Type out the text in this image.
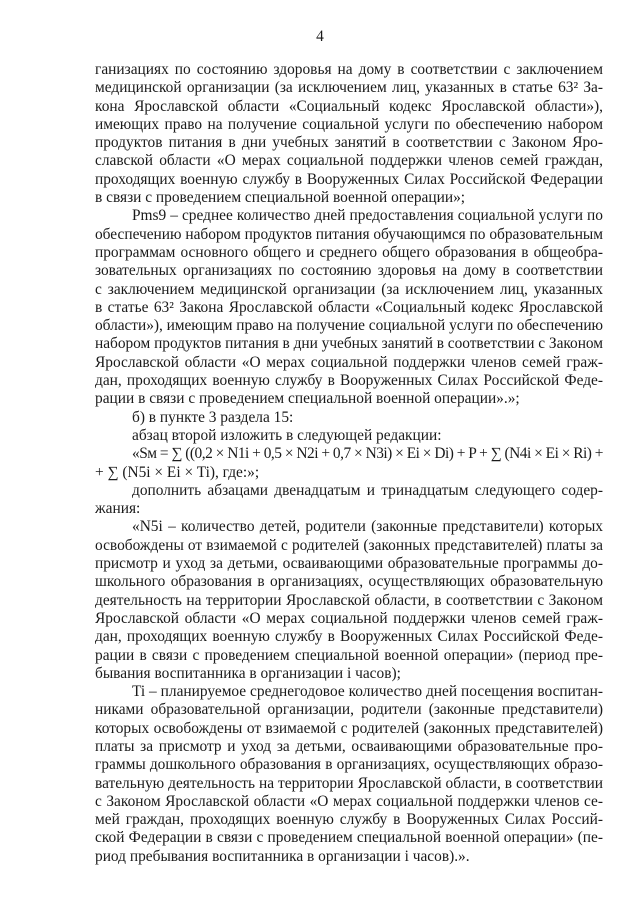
4
ганизациях по состоянию здоровья на дому в соответствии с заключением
медицинской организации (за исключением лиц, указанных в статье 63² За-
кона Ярославской области «Социальный кодекс Ярославской области»),
имеющих право на получение социальной услуги по обеспечению набором
продуктов питания в дни учебных занятий в соответствии с Законом Яро-
славской области «О мерах социальной поддержки членов семей граждан,
проходящих военную службу в Вооруженных Силах Российской Федерации
в связи с проведением специальной военной операции»;
Pms9 – среднее количество дней предоставления социальной услуги по
обеспечению набором продуктов питания обучающимся по образовательным
программам основного общего и среднего общего образования в общеобра-
зовательных организациях по состоянию здоровья на дому в соответствии
с заключением медицинской организации (за исключением лиц, указанных
в статье 63² Закона Ярославской области «Социальный кодекс Ярославской
области»), имеющим право на получение социальной услуги по обеспечению
набором продуктов питания в дни учебных занятий в соответствии с Законом
Ярославской области «О мерах социальной поддержки членов семей граж-
дан, проходящих военную службу в Вооруженных Силах Российской Феде-
рации в связи с проведением специальной военной операции».»;
б) в пункте 3 раздела 15:
абзац второй изложить в следующей редакции:
«Sм = ∑ ((0,2 × N1i + 0,5 × N2i + 0,7 × N3i) × Ei × Di) + P + ∑ (N4i × Ei × Ri) +
+ ∑ (N5i × Ei × Ti), где:»;
дополнить абзацами двенадцатым и тринадцатым следующего содер-
жания:
«N5i – количество детей, родители (законные представители) которых
освобождены от взимаемой с родителей (законных представителей) платы за
присмотр и уход за детьми, осваивающими образовательные программы до-
школьного образования в организациях, осуществляющих образовательную
деятельность на территории Ярославской области, в соответствии с Законом
Ярославской области «О мерах социальной поддержки членов семей граж-
дан, проходящих военную службу в Вооруженных Силах Российской Феде-
рации в связи с проведением специальной военной операции» (период пре-
бывания воспитанника в организации i часов);
Ti – планируемое среднегодовое количество дней посещения воспитан-
никами образовательной организации, родители (законные представители)
которых освобождены от взимаемой с родителей (законных представителей)
платы за присмотр и уход за детьми, осваивающими образовательные про-
граммы дошкольного образования в организациях, осуществляющих образо-
вательную деятельность на территории Ярославской области, в соответствии
с Законом Ярославской области «О мерах социальной поддержки членов се-
мей граждан, проходящих военную службу в Вооруженных Силах Россий-
ской Федерации в связи с проведением специальной военной операции» (пе-
риод пребывания воспитанника в организации i часов).».
